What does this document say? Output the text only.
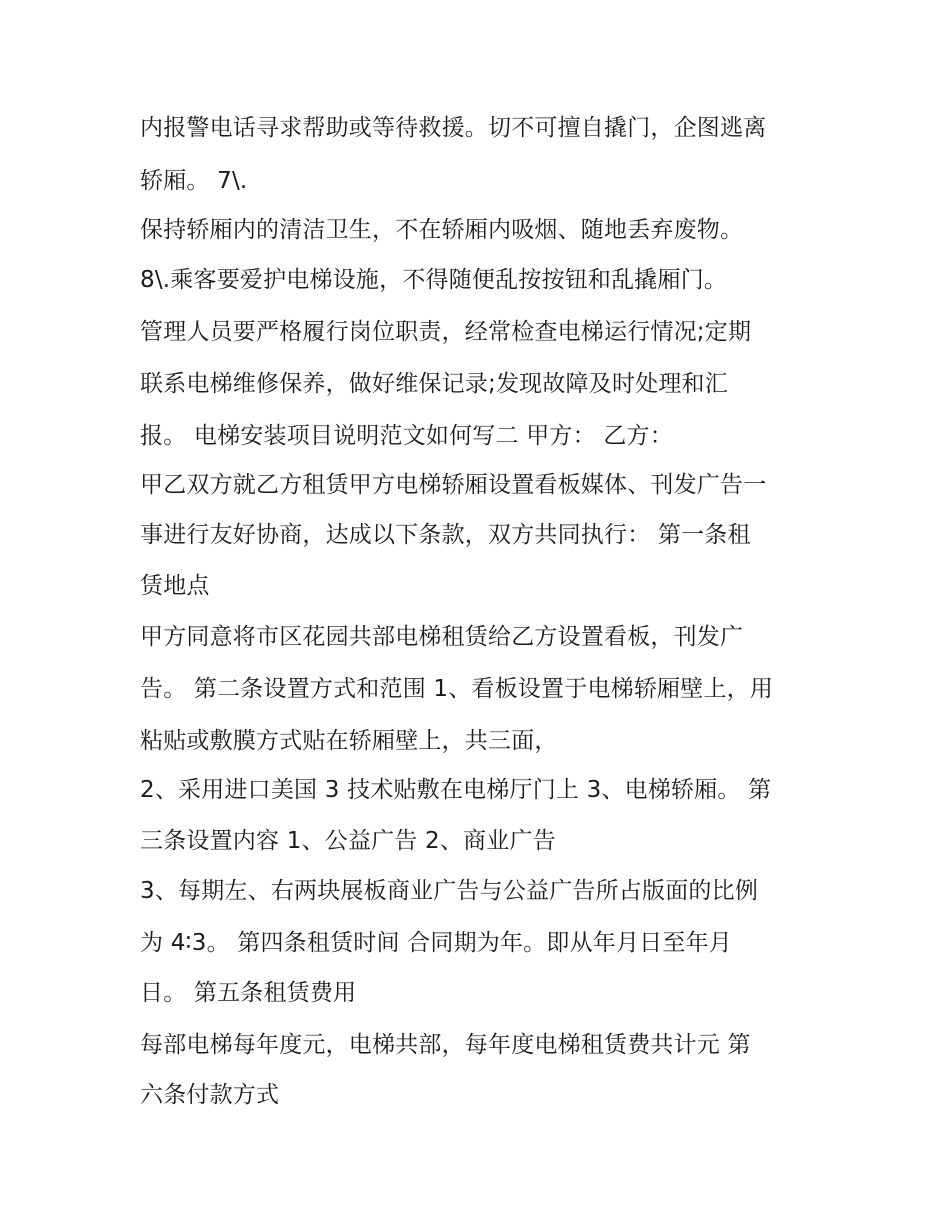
内报警电话寻求帮助或等待救援。切不可擅自撬门，企图逃离
轿厢。 7\.
保持轿厢内的清洁卫生，不在轿厢内吸烟、随地丢弃废物。
8\.乘客要爱护电梯设施，不得随便乱按按钮和乱撬厢门。
管理人员要严格履行岗位职责，经常检查电梯运行情况;定期
联系电梯维修保养，做好维保记录;发现故障及时处理和汇
报。 电梯安装项目说明范文如何写二 甲方： 乙方：
甲乙双方就乙方租赁甲方电梯轿厢设置看板媒体、刊发广告一
事进行友好协商，达成以下条款，双方共同执行： 第一条租
赁地点
甲方同意将市区花园共部电梯租赁给乙方设置看板，刊发广
告。 第二条设置方式和范围 1、看板设置于电梯轿厢壁上，用
粘贴或敷膜方式贴在轿厢壁上，共三面，
2、采用进口美国 3 技术贴敷在电梯厅门上 3、电梯轿厢。 第
三条设置内容 1、公益广告 2、商业广告
3、每期左、右两块展板商业广告与公益广告所占版面的比例
为 4∶3。 第四条租赁时间 合同期为年。即从年月日至年月
日。 第五条租赁费用
每部电梯每年度元，电梯共部，每年度电梯租赁费共计元 第
六条付款方式
